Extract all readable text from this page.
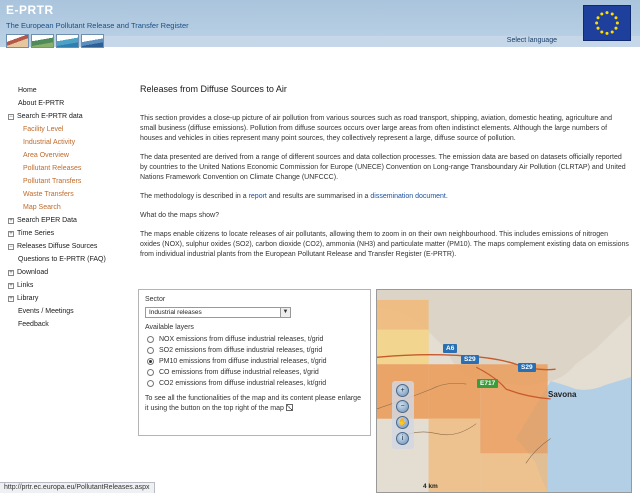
E-PRTR
The European Pollutant Release and Transfer Register
Select language
Home
About E-PRTR
− Search E-PRTR data
Facility Level
Industrial Activity
Area Overview
Pollutant Releases
Pollutant Transfers
Waste Transfers
Map Search
+ Search EPER Data
+ Time Series
− Releases Diffuse Sources
Questions to E-PRTR (FAQ)
+ Download
+ Links
+ Library
Events / Meetings
Feedback
Releases from Diffuse Sources to Air

This section provides a close-up picture of air pollution from various sources such as road transport, shipping, aviation, domestic heating, agriculture and small business (diffuse emissions). Pollution from diffuse sources occurs over large areas from often indistinct elements. Although the large numbers of houses and vehicles in cities represent many point sources, they collectively represent a large, diffuse source of pollution.

The data presented are derived from a range of different sources and data collection processes. The emission data are based on datasets officially reported by countries to the United Nations Economic Commission for Europe (UNECE) Convention on Long-range Transboundary Air Pollution (CLRTAP) and United Nations Framework Convention on Climate Change (UNFCCC).

The methodology is described in a report and results are summarised in a dissemination document.

What do the maps show?

The maps enable citizens to locate releases of air pollutants, allowing them to zoom in on their own neighbourhood. This includes emissions of nitrogen oxides (NOX), sulphur oxides (SO2), carbon dioxide (CO2), ammonia (NH3) and particulate matter (PM10). The maps complement existing data on emissions from individual industrial plants from the European Pollutant Release and Transfer Register (E-PRTR).

Sector
Industrial releases	▼
Available layers
NOX emissions from diffuse industrial releases, t/grid
SO2 emissions from diffuse industrial releases, t/grid
PM10 emissions from diffuse industrial releases, t/grid
CO emissions from diffuse industrial releases, t/grid
CO2 emissions from diffuse industrial releases, kt/grid
To see all the functionalities of the map and its content please enlarge it using the button on the top right of the map
A6
S29
S29
E717
Savona
+
−
✋
i
4 km
http://prtr.ec.europa.eu/PollutantReleases.aspx
